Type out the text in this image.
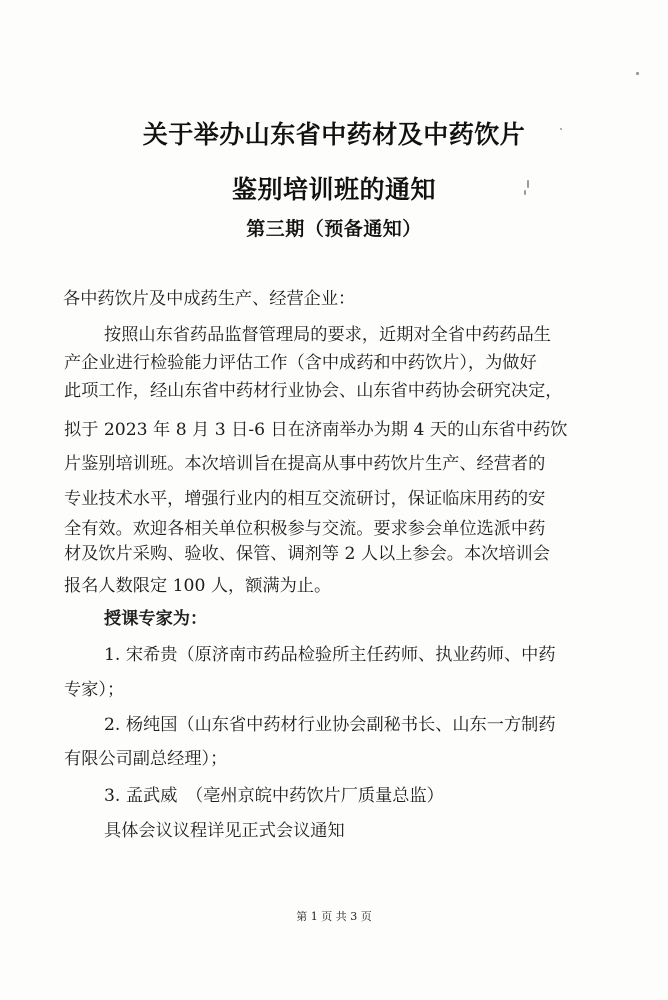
关于举办山东省中药材及中药饮片
鉴别培训班的通知
第三期（预备通知）
各中药饮片及中成药生产、经营企业：
按照山东省药品监督管理局的要求，近期对全省中药药品生
产企业进行检验能力评估工作（含中成药和中药饮片），为做好
此项工作，经山东省中药材行业协会、山东省中药协会研究决定，
拟于 2023 年 8 月 3 日-6 日在济南举办为期 4 天的山东省中药饮
片鉴别培训班。本次培训旨在提高从事中药饮片生产、经营者的
专业技术水平，增强行业内的相互交流研讨，保证临床用药的安
全有效。欢迎各相关单位积极参与交流。要求参会单位选派中药
材及饮片采购、验收、保管、调剂等 2 人以上参会。本次培训会
报名人数限定 100 人，额满为止。
授课专家为：
1. 宋希贵（原济南市药品检验所主任药师、执业药师、中药
专家）；
2. 杨纯国（山东省中药材行业协会副秘书长、山东一方制药
有限公司副总经理）；
3. 孟武威　（亳州京皖中药饮片厂质量总监）
具体会议议程详见正式会议通知
第 1 页 共 3 页
